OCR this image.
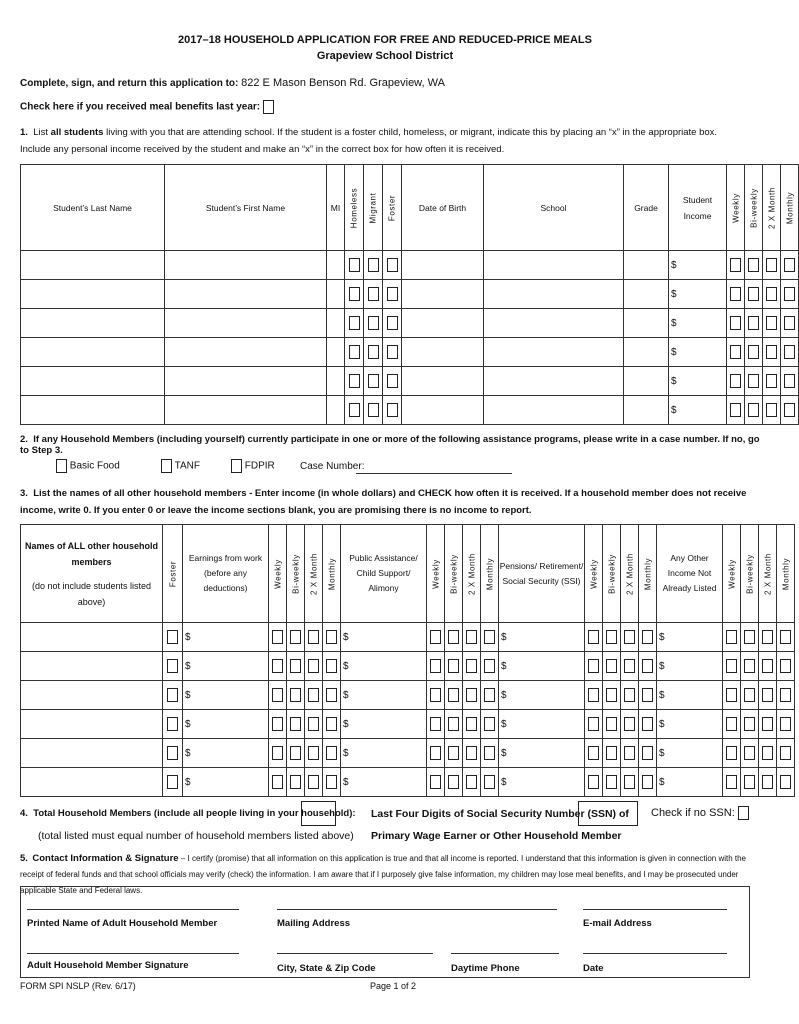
2017–18 HOUSEHOLD APPLICATION FOR FREE AND REDUCED-PRICE MEALS
Grapeview School District
Complete, sign, and return this application to: 822 E Mason Benson Rd. Grapeview, WA
Check here if you received meal benefits last year:
1. List all students living with you that are attending school. If the student is a foster child, homeless, or migrant, indicate this by placing an “x” in the appropriate box. Include any personal income received by the student and make an “x” in the correct box for how often it is received.
Student’s Last Name	Student’s First Name	MI	Homeless	Migrant	Foster	Date of Birth	School	Grade	Student Income	Weekly	Bi-weekly	2 X Month	Monthly

									$				
									$				
									$				
									$				
									$				
									$				
2. If any Household Members (including yourself) currently participate in one or more of the following assistance programs, please write in a case number. If no, go to Step 3.
Basic Food	TANF	FDPIR	Case Number:
3. List the names of all other household members - Enter income (in whole dollars) and CHECK how often it is received. If a household member does not receive income, write 0. If you enter 0 or leave the income sections blank, you are promising there is no income to report.
Names of ALL other household members
(do not include students listed above)	Foster	Earnings from work (before any deductions)	Weekly	Bi-weekly	2 X Month	Monthly	Public Assistance/ Child Support/ Alimony	Weekly	Bi-weekly	2 X Month	Monthly	Pensions/ Retirement/ Social Security (SSI)	Weekly	Bi-weekly	2 X Month	Monthly	Any Other Income Not Already Listed	Weekly	Bi-weekly	2 X Month	Monthly

		$					$					$					$				
		$					$					$					$				
		$					$					$					$				
		$					$					$					$				
		$					$					$					$				
		$					$					$					$				
4. Total Household Members (include all people living in your household):
(total listed must equal number of household members listed above)
Last Four Digits of Social Security Number (SSN) of
Primary Wage Earner or Other Household Member
Check if no SSN:
5. Contact Information & Signature – I certify (promise) that all information on this application is true and that all income is reported. I understand that this information is given in connection with the receipt of federal funds and that school officials may verify (check) the information. I am aware that if I purposely give false information, my children may lose meal benefits, and I may be prosecuted under applicable State and Federal laws.
Printed Name of Adult Household Member	Mailing Address	E-mail Address
Adult Household Member Signature	City, State & Zip Code	Daytime Phone	Date
FORM SPI NSLP (Rev. 6/17)	Page 1 of 2
